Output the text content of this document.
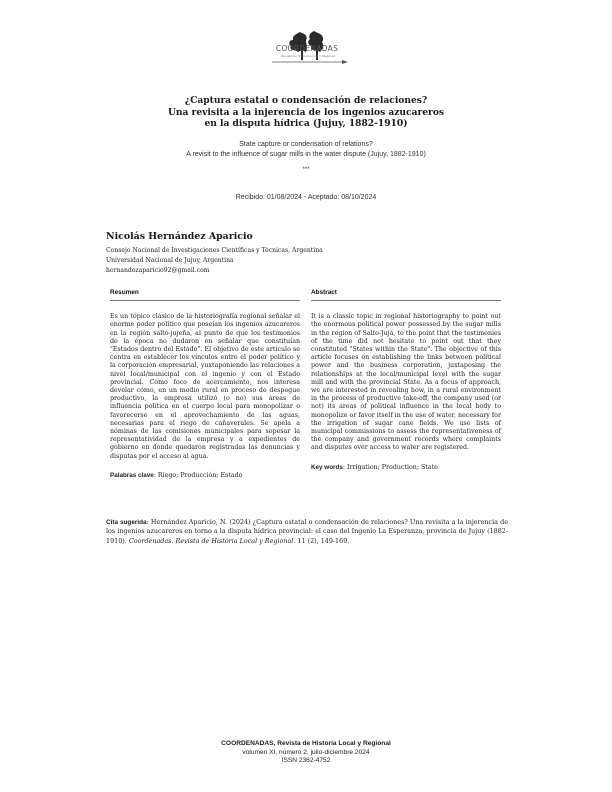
COORDENADAS
Revista de Historia Local y Regional
¿Captura estatal o condensación de relaciones?
Una revisita a la injerencia de los ingenios azucareros
en la disputa hídrica (Jujuy, 1882-1910)
State capture or condensation of relations?
A revisit to the influence of sugar mills in the water dispute (Jujuy, 1882-1910)
***
Recibido: 01/08/2024 - Aceptado: 08/10/2024
Nicolás Hernández Aparicio
Consejo Nacional de Investigaciones Científicas y Técnicas, Argentina
Universidad Nacional de Jujuy, Argentina
hernandezaparicio92@gmail.com
Resumen

Es un tópico clásico de la historiografía regional señalar el enorme poder político que poseían los ingenios azucareros en la región salto-jujeña, al punto de que los testimonios de la época no dudaron en señalar que constituían "Estados dentro del Estado". El objetivo de este artículo se centra en establecer los vínculos entre el poder político y la corporación empresarial, yuxtaponiendo las relaciones a nivel local/municipal con el ingenio y con el Estado provincial. Como foco de acercamiento, nos interesa develar cómo, en un medio rural en proceso de despegue productivo, la empresa utilizó (o no) sus áreas de influencia política en el cuerpo local para monopolizar o favorecerse en el aprovechamiento de las aguas, necesarias para el riego de cañaverales. Se apela a nóminas de las comisiones municipales para sopesar la representatividad de la empresa y a expedientes de gobierno en donde quedaron registradas las denuncias y disputas por el acceso al agua.

Palabras clave: Riego; Producción; Estado
Abstract

It is a classic topic in regional historiography to point out the enormous political power possessed by the sugar mills in the region of Salto-Jujá, to the point that the testimonies of the time did not hesitate to point out that they constituted "States within the State". The objective of this article focuses on establishing the links between political power and the business corporation, juxtaposing the relationships at the local/municipal level with the sugar mill and with the provincial State. As a focus of approach, we are interested in revealing how, in a rural environment in the process of productive take-off, the company used (or not) its areas of political influence in the local body to monopolize or favor itself in the use of water, necessary for the irrigation of sugar cane fields. We use lists of municipal commissions to assess the representativeness of the company and government records where complaints and disputes over access to water are registered.

Key words: Irrigation; Production; State
Cita sugerida: Hernández Aparicio, N. (2024) ¿Captura estatal o condensación de relaciones? Una revisita a la injerencia de los ingenios azucareros en torno a la disputa hídrica provincial: el caso del Ingenio La Esperanza, provincia de Jujuy (1882-1910). Coordenadas. Revista de Historia Local y Regional. 11 (2), 149-169.
COORDENADAS, Revista de Historia Local y Regional
volumen XI, número 2, julio-diciembre 2024
ISSN 2362-4752
